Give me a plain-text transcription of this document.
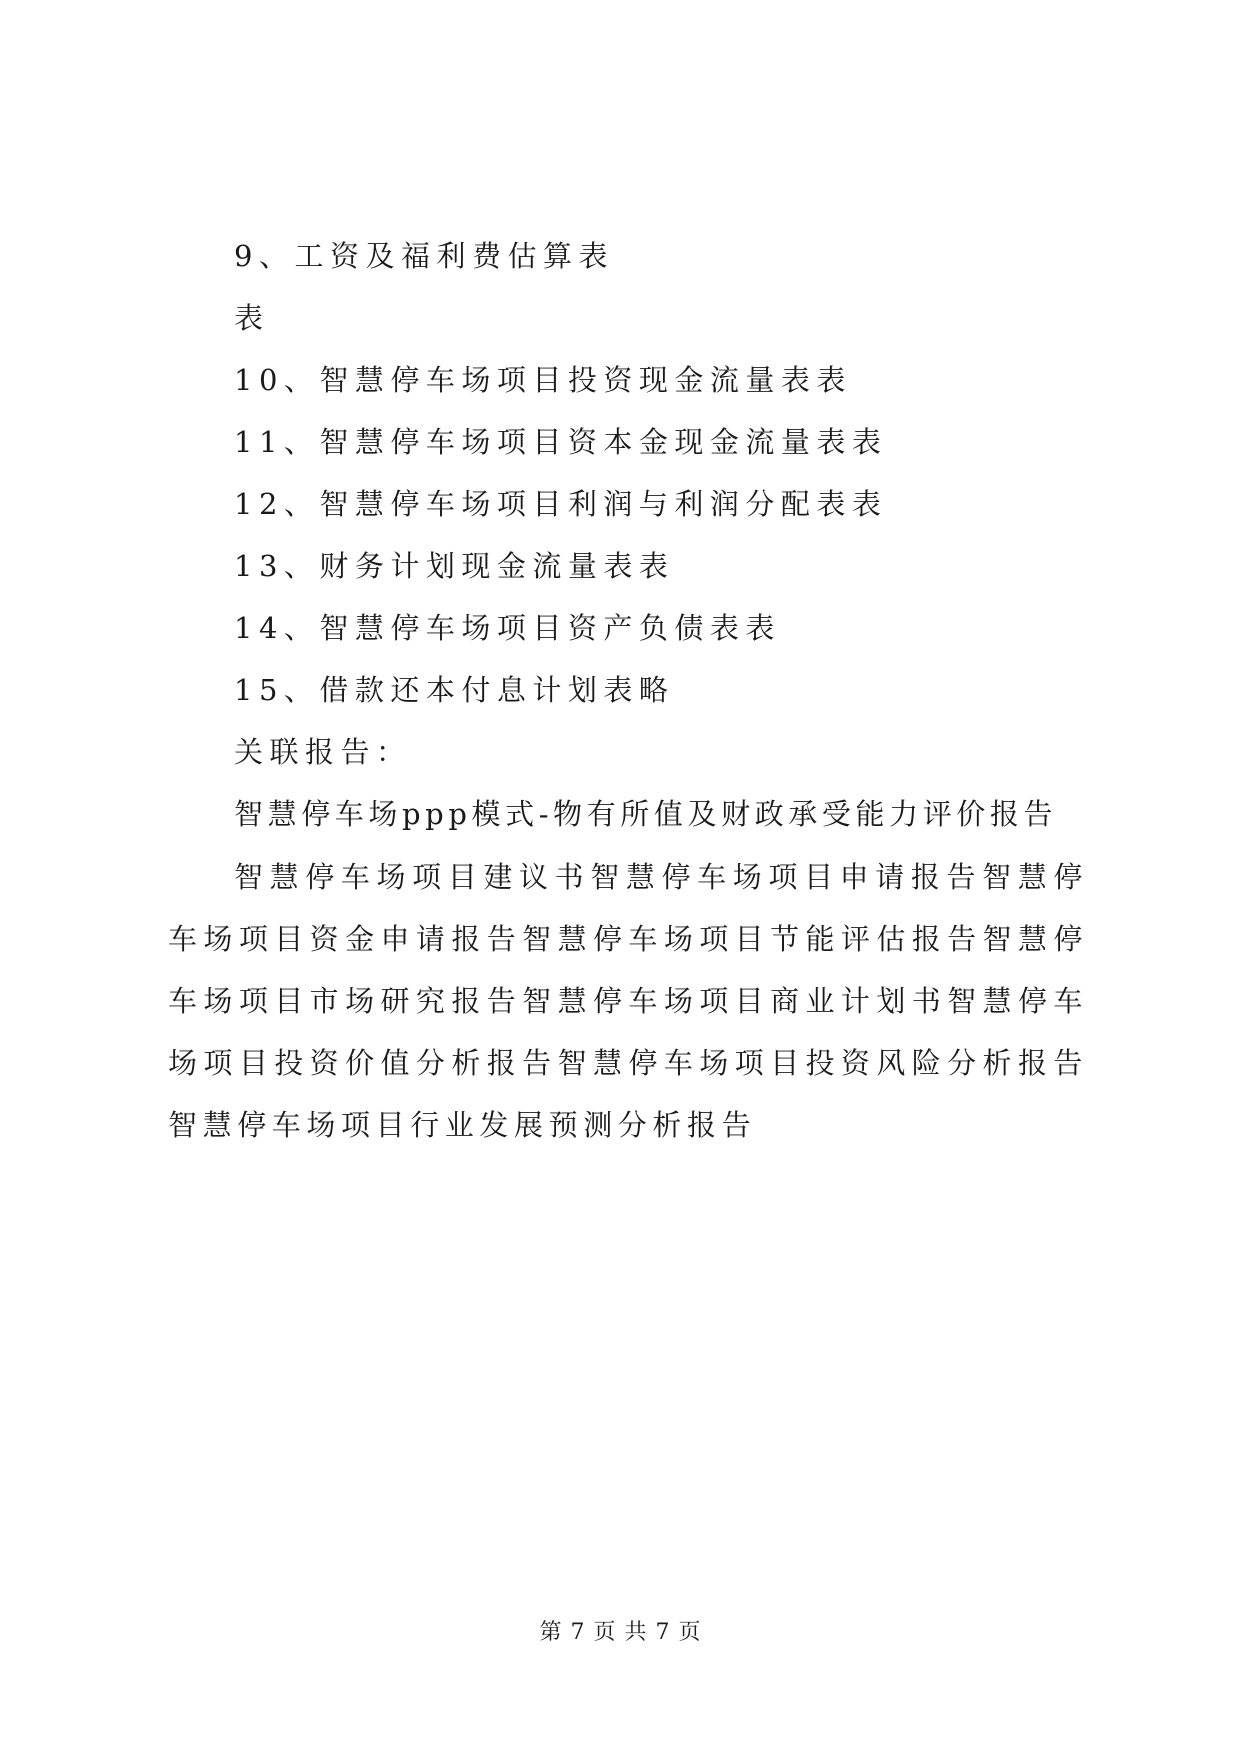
9、工资及福利费估算表
表
10、智慧停车场项目投资现金流量表表
11、智慧停车场项目资本金现金流量表表
12、智慧停车场项目利润与利润分配表表
13、财务计划现金流量表表
14、智慧停车场项目资产负债表表
15、借款还本付息计划表略
关联报告：
智慧停车场ppp模式-物有所值及财政承受能力评价报告
智慧停车场项目建议书智慧停车场项目申请报告智慧停车场项目资金申请报告智慧停车场项目节能评估报告智慧停车场项目市场研究报告智慧停车场项目商业计划书智慧停车场项目投资价值分析报告智慧停车场项目投资风险分析报告智慧停车场项目行业发展预测分析报告
第 7 页 共 7 页
